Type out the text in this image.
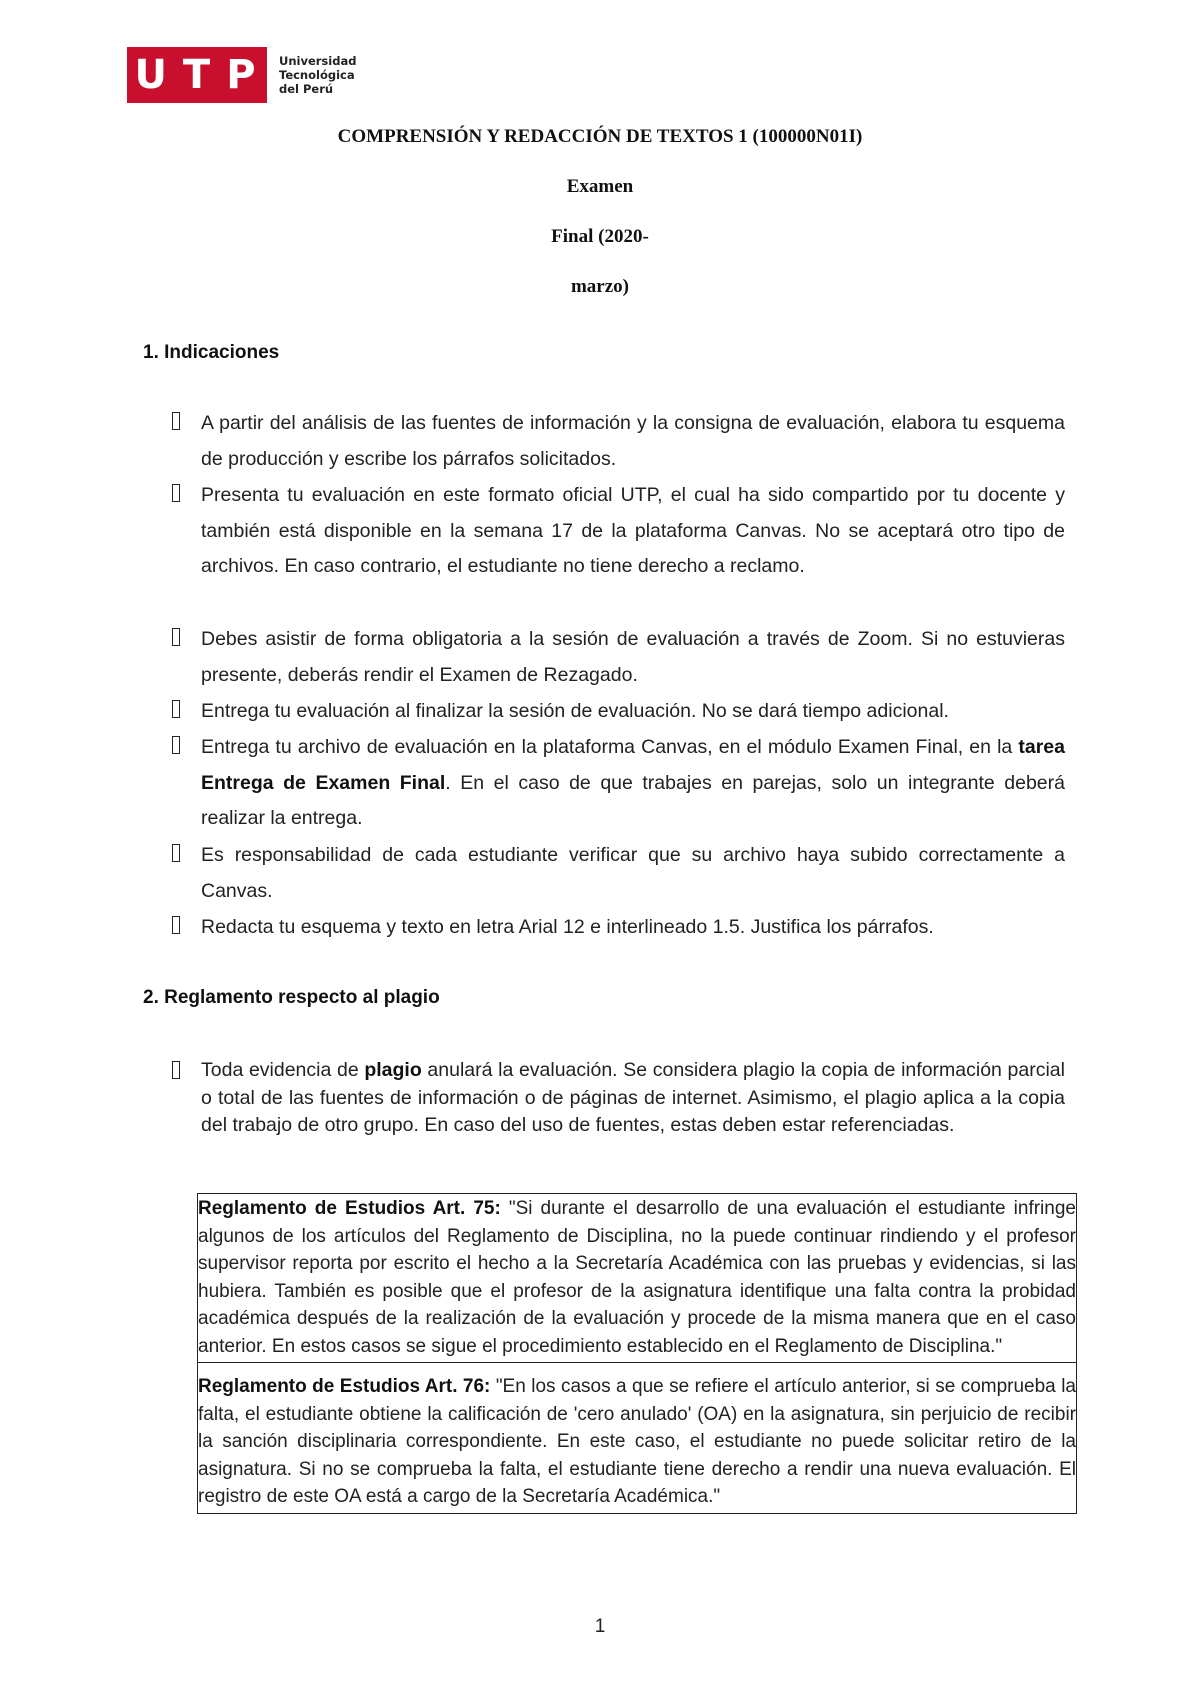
U T P Universidad
Tecnológica
del Perú
COMPRENSIÓN Y REDACCIÓN DE TEXTOS 1 (100000N01I)
Examen
Final (2020-
marzo)
1. Indicaciones
A partir del análisis de las fuentes de información y la consigna de evaluación, elabora tu esquema de producción y escribe los párrafos solicitados.
Presenta tu evaluación en este formato oficial UTP, el cual ha sido compartido por tu docente y también está disponible en la semana 17 de la plataforma Canvas. No se aceptará otro tipo de archivos. En caso contrario, el estudiante no tiene derecho a reclamo.
Debes asistir de forma obligatoria a la sesión de evaluación a través de Zoom. Si no estuvieras presente, deberás rendir el Examen de Rezagado.
Entrega tu evaluación al finalizar la sesión de evaluación. No se dará tiempo adicional.
Entrega tu archivo de evaluación en la plataforma Canvas, en el módulo Examen Final, en la tarea Entrega de Examen Final. En el caso de que trabajes en parejas, solo un integrante deberá realizar la entrega.
Es responsabilidad de cada estudiante verificar que su archivo haya subido correctamente a Canvas.
Redacta tu esquema y texto en letra Arial 12 e interlineado 1.5. Justifica los párrafos.
2. Reglamento respecto al plagio
Toda evidencia de plagio anulará la evaluación. Se considera plagio la copia de información parcial o total de las fuentes de información o de páginas de internet. Asimismo, el plagio aplica a la copia del trabajo de otro grupo. En caso del uso de fuentes, estas deben estar referenciadas.
Reglamento de Estudios Art. 75: "Si durante el desarrollo de una evaluación el estudiante infringe algunos de los artículos del Reglamento de Disciplina, no la puede continuar rindiendo y el profesor supervisor reporta por escrito el hecho a la Secretaría Académica con las pruebas y evidencias, si las hubiera. También es posible que el profesor de la asignatura identifique una falta contra la probidad académica después de la realización de la evaluación y procede de la misma manera que en el caso anterior. En estos casos se sigue el procedimiento establecido en el Reglamento de Disciplina."
Reglamento de Estudios Art. 76: "En los casos a que se refiere el artículo anterior, si se comprueba la falta, el estudiante obtiene la calificación de 'cero anulado' (OA) en la asignatura, sin perjuicio de recibir la sanción disciplinaria correspondiente. En este caso, el estudiante no puede solicitar retiro de la asignatura. Si no se comprueba la falta, el estudiante tiene derecho a rendir una nueva evaluación. El registro de este OA está a cargo de la Secretaría Académica."
1
